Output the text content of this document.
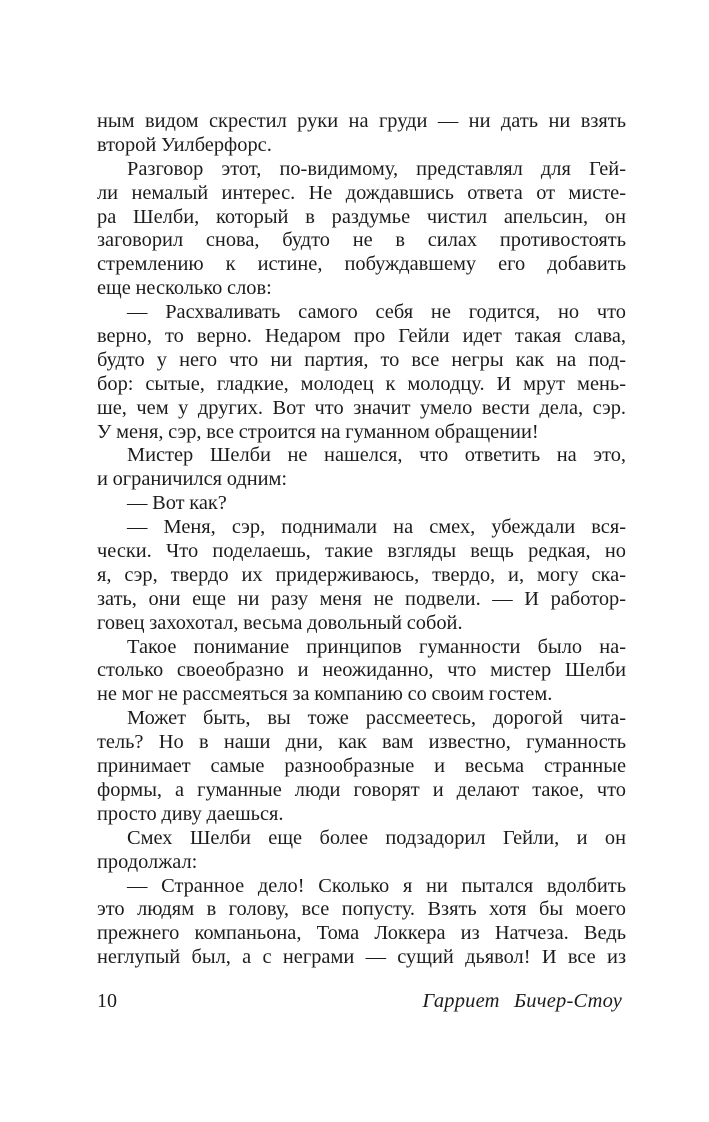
ным видом скрестил руки на груди — ни дать ни взять
второй Уилберфорс.
Разговор этот, по-видимому, представлял для Гей-
ли немалый интерес. Не дождавшись ответа от мисте-
ра Шелби, который в раздумье чистил апельсин, он
заговорил снова, будто не в силах противостоять
стремлению к истине, побуждавшему его добавить
еще несколько слов:
— Расхваливать самого себя не годится, но что
верно, то верно. Недаром про Гейли идет такая слава,
будто у него что ни партия, то все негры как на под-
бор: сытые, гладкие, молодец к молодцу. И мрут мень-
ше, чем у других. Вот что значит умело вести дела, сэр.
У меня, сэр, все строится на гуманном обращении!
Мистер Шелби не нашелся, что ответить на это,
и ограничился одним:
— Вот как?
— Меня, сэр, поднимали на смех, убеждали вся-
чески. Что поделаешь, такие взгляды вещь редкая, но
я, сэр, твердо их придерживаюсь, твердо, и, могу ска-
зать, они еще ни разу меня не подвели. — И работор-
говец захохотал, весьма довольный собой.
Такое понимание принципов гуманности было на-
столько своеобразно и неожиданно, что мистер Шелби
не мог не рассмеяться за компанию со своим гостем.
Может быть, вы тоже рассмеетесь, дорогой чита-
тель? Но в наши дни, как вам известно, гуманность
принимает самые разнообразные и весьма странные
формы, а гуманные люди говорят и делают такое, что
просто диву даешься.
Смех Шелби еще более подзадорил Гейли, и он
продолжал:
— Странное дело! Сколько я ни пытался вдолбить
это людям в голову, все попусту. Взять хотя бы моего
прежнего компаньона, Тома Локкера из Натчеза. Ведь
неглупый был, а с неграми — сущий дьявол! И все из
10	Гарриет Бичер-Стоу
